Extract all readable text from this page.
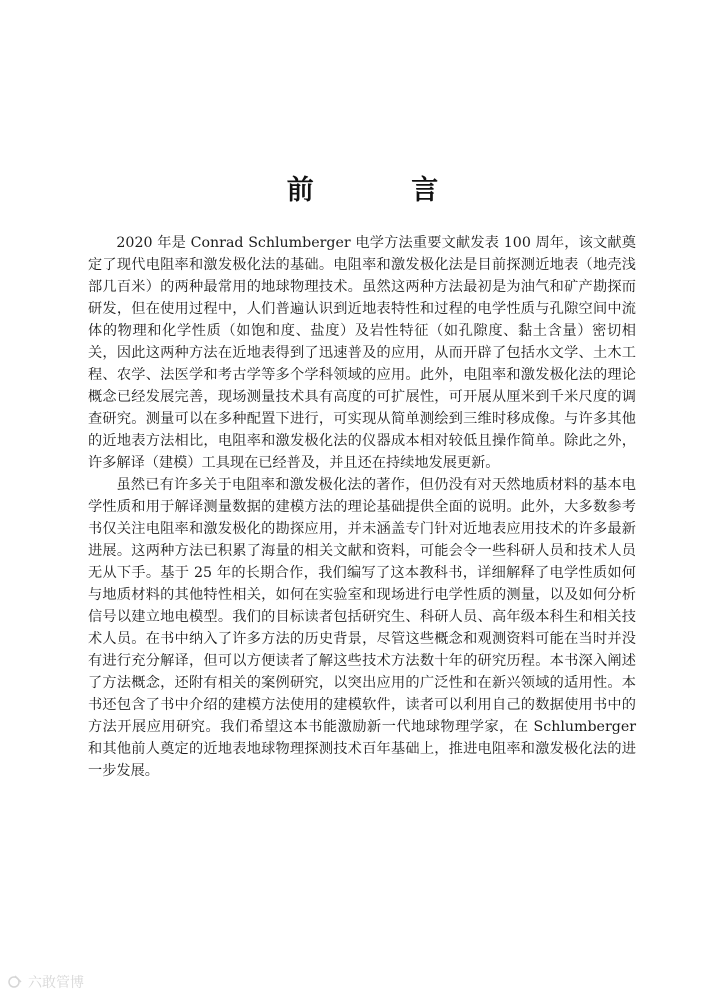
前 言

2020 年是 Conrad Schlumberger 电学方法重要文献发表 100 周年，该文献奠定了现代电阻率和激发极化法的基础。电阻率和激发极化法是目前探测近地表（地壳浅部几百米）的两种最常用的地球物理技术。虽然这两种方法最初是为油气和矿产勘探而研发，但在使用过程中，人们普遍认识到近地表特性和过程的电学性质与孔隙空间中流体的物理和化学性质（如饱和度、盐度）及岩性特征（如孔隙度、黏土含量）密切相关，因此这两种方法在近地表得到了迅速普及的应用，从而开辟了包括水文学、土木工程、农学、法医学和考古学等多个学科领域的应用。此外，电阻率和激发极化法的理论概念已经发展完善，现场测量技术具有高度的可扩展性，可开展从厘米到千米尺度的调查研究。测量可以在多种配置下进行，可实现从简单测绘到三维时移成像。与许多其他的近地表方法相比，电阻率和激发极化法的仪器成本相对较低且操作简单。除此之外，许多解译（建模）工具现在已经普及，并且还在持续地发展更新。

虽然已有许多关于电阻率和激发极化法的著作，但仍没有对天然地质材料的基本电学性质和用于解译测量数据的建模方法的理论基础提供全面的说明。此外，大多数参考书仅关注电阻率和激发极化的勘探应用，并未涵盖专门针对近地表应用技术的许多最新进展。这两种方法已积累了海量的相关文献和资料，可能会令一些科研人员和技术人员无从下手。基于 25 年的长期合作，我们编写了这本教科书，详细解释了电学性质如何与地质材料的其他特性相关，如何在实验室和现场进行电学性质的测量，以及如何分析信号以建立地电模型。我们的目标读者包括研究生、科研人员、高年级本科生和相关技术人员。在书中纳入了许多方法的历史背景，尽管这些概念和观测资料可能在当时并没有进行充分解译，但可以方便读者了解这些技术方法数十年的研究历程。本书深入阐述了方法概念，还附有相关的案例研究，以突出应用的广泛性和在新兴领域的适用性。本书还包含了书中介绍的建模方法使用的建模软件，读者可以利用自己的数据使用书中的方法开展应用研究。我们希望这本书能激励新一代地球物理学家，在 Schlumberger 和其他前人奠定的近地表地球物理探测技术百年基础上，推进电阻率和激发极化法的进一步发展。

六敢管博
